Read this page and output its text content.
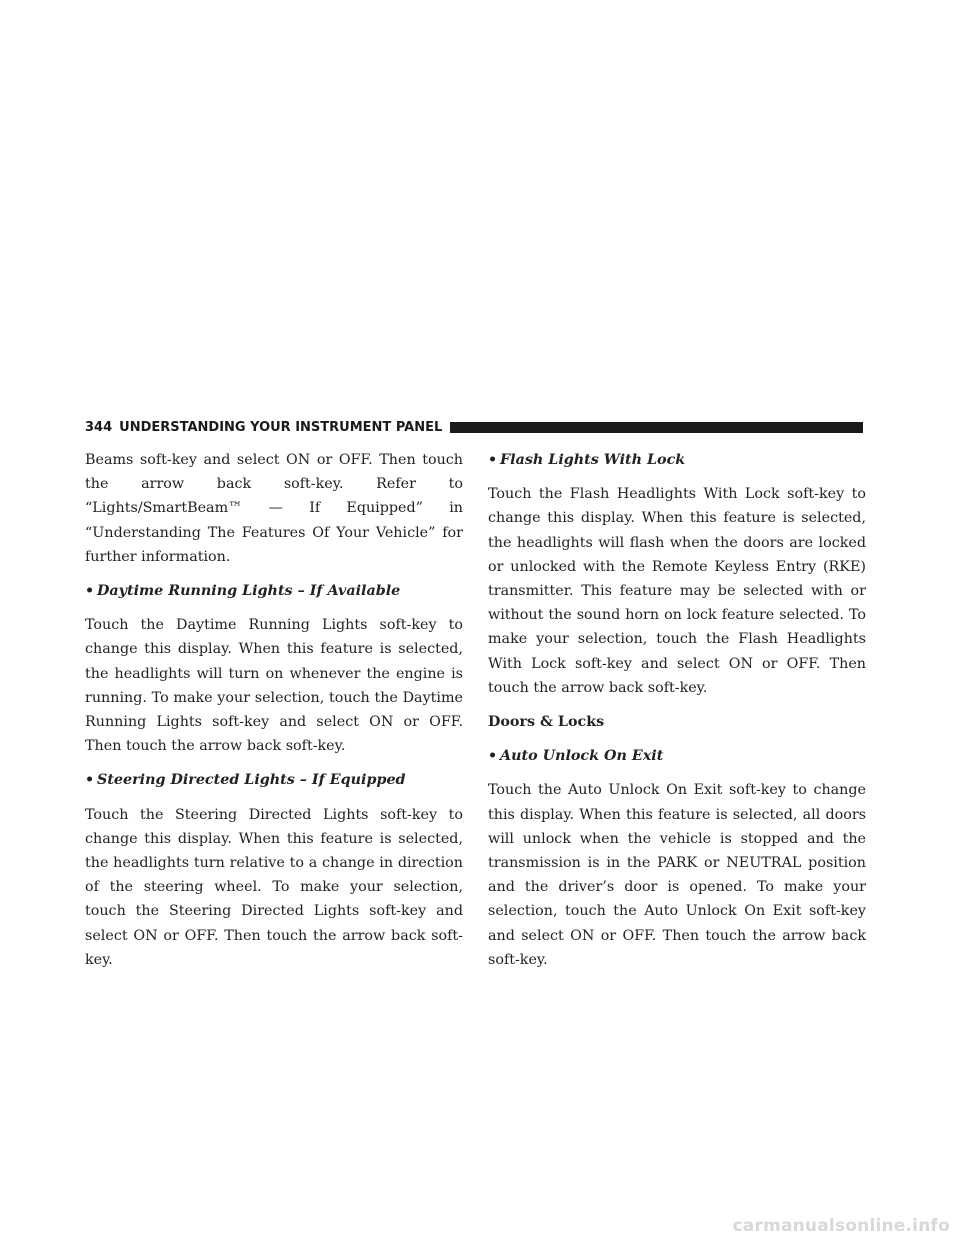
344 UNDERSTANDING YOUR INSTRUMENT PANEL

Beams soft-key and select ON or OFF. Then touch the arrow back soft-key. Refer to “Lights/SmartBeam™ — If Equipped” in “Understanding The Features Of Your Vehicle” for further information.

• Daytime Running Lights – If Available

Touch the Daytime Running Lights soft-key to change this display. When this feature is selected, the headlights will turn on whenever the engine is running. To make your selection, touch the Daytime Running Lights soft-key and select ON or OFF. Then touch the arrow back soft-key.

• Steering Directed Lights – If Equipped

Touch the Steering Directed Lights soft-key to change this display. When this feature is selected, the headlights turn relative to a change in direction of the steering wheel. To make your selection, touch the Steering Directed Lights soft-key and select ON or OFF. Then touch the arrow back soft-key.

• Flash Lights With Lock

Touch the Flash Headlights With Lock soft-key to change this display. When this feature is selected, the headlights will flash when the doors are locked or unlocked with the Remote Keyless Entry (RKE) transmitter. This feature may be selected with or without the sound horn on lock feature selected. To make your selection, touch the Flash Headlights With Lock soft-key and select ON or OFF. Then touch the arrow back soft-key.

Doors & Locks

• Auto Unlock On Exit

Touch the Auto Unlock On Exit soft-key to change this display. When this feature is selected, all doors will unlock when the vehicle is stopped and the transmission is in the PARK or NEUTRAL position and the driver’s door is opened. To make your selection, touch the Auto Unlock On Exit soft-key and select ON or OFF. Then touch the arrow back soft-key.

carmanualsonline.info
